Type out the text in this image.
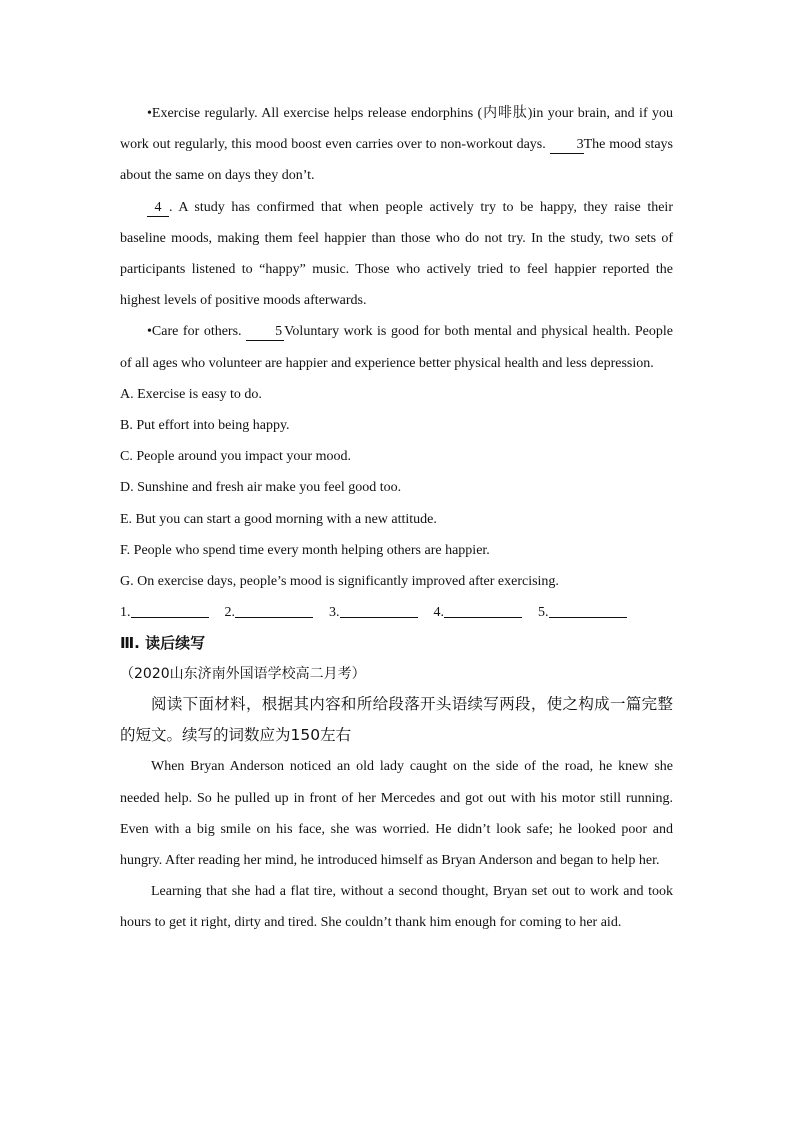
•Exercise regularly. All exercise helps release endorphins (内啡肽)in your brain, and if you work out regularly, this mood boost even carries over to non-workout days. 3The mood stays about the same on days they don’t.

4 . A study has confirmed that when people actively try to be happy, they raise their baseline moods, making them feel happier than those who do not try. In the study, two sets of participants listened to “happy” music. Those who actively tried to feel happier reported the highest levels of positive moods afterwards.

•Care for others. 5 Voluntary work is good for both mental and physical health. People of all ages who volunteer are happier and experience better physical health and less depression.

A. Exercise is easy to do.

B. Put effort into being happy.

C. People around you impact your mood.

D. Sunshine and fresh air make you feel good too.

E. But you can start a good morning with a new attitude.

F. People who spend time every month helping others are happier.

G. On exercise days, people’s mood is significantly improved after exercising.

1.	2.	3.	4.	5.

Ⅲ. 读后续写
（2020山东济南外国语学校高二月考）

阅读下面材料，根据其内容和所给段落开头语续写两段，使之构成一篇完整的短文。续写的词数应为150左右

When Bryan Anderson noticed an old lady caught on the side of the road, he knew she needed help. So he pulled up in front of her Mercedes and got out with his motor still running. Even with a big smile on his face, she was worried. He didn’t look safe; he looked poor and hungry. After reading her mind, he introduced himself as Bryan Anderson and began to help her.

Learning that she had a flat tire, without a second thought, Bryan set out to work and took hours to get it right, dirty and tired. She couldn’t thank him enough for coming to her aid.
